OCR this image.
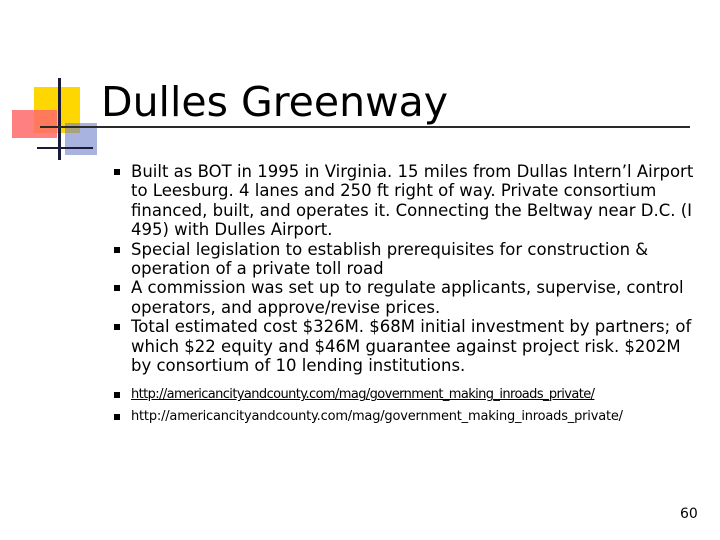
Dulles Greenway
Built as BOT in 1995 in Virginia. 15 miles from Dullas Intern’l Airport to Leesburg. 4 lanes and 250 ft right of way. Private consortium financed, built, and operates it. Connecting the Beltway near D.C. (I 495) with Dulles Airport.
Special legislation to establish prerequisites for construction & operation of a private toll road
A commission was set up to regulate applicants, supervise, control operators, and approve/revise prices.
Total estimated cost $326M. $68M initial investment by partners; of which $22 equity and $46M guarantee against project risk. $202M by consortium of 10 lending institutions.
http://americancityandcounty.com/mag/government_making_inroads_private/
http://americancityandcounty.com/mag/government_making_inroads_private/
60
